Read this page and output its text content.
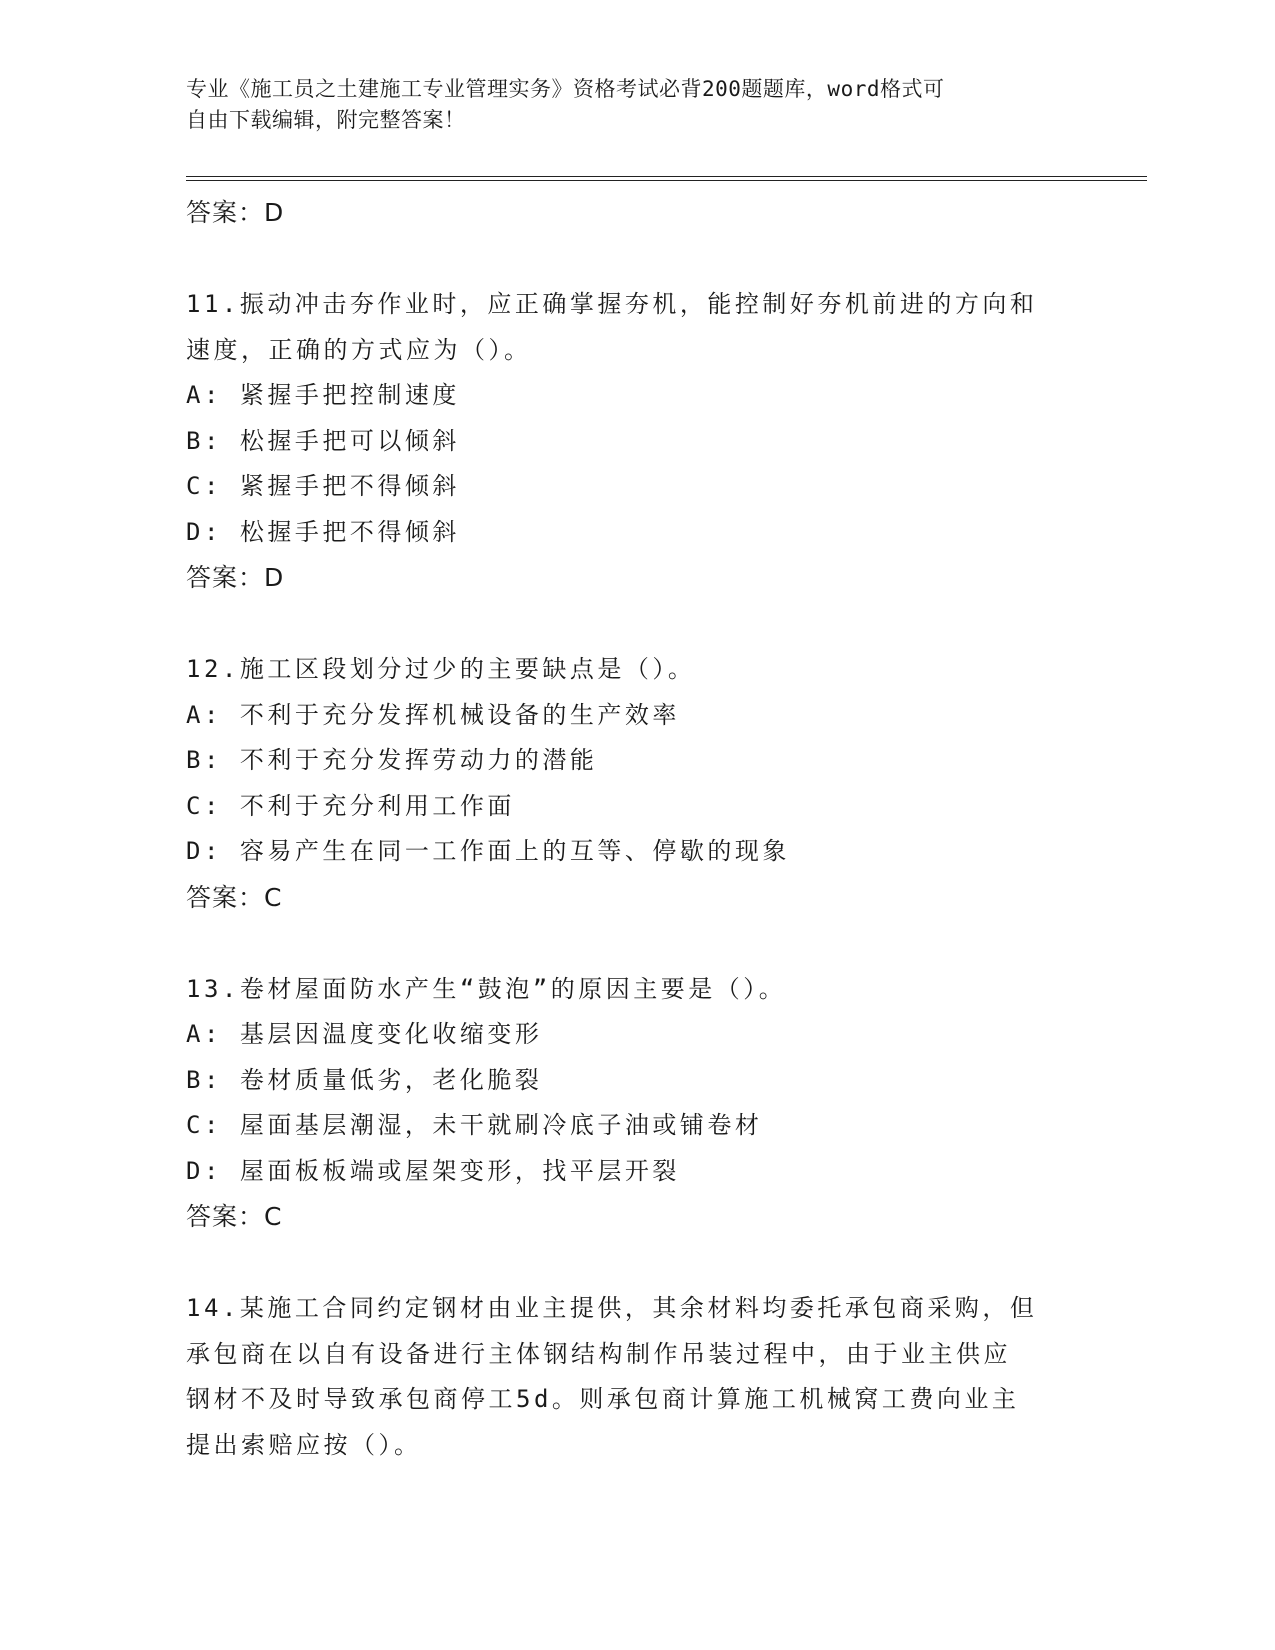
专业《施工员之土建施工专业管理实务》资格考试必背200题题库，word格式可
自由下载编辑，附完整答案！
答案：D
11.振动冲击夯作业时，应正确掌握夯机，能控制好夯机前进的方向和
速度，正确的方式应为（）。
A: 紧握手把控制速度
B: 松握手把可以倾斜
C: 紧握手把不得倾斜
D: 松握手把不得倾斜
答案：D
12.施工区段划分过少的主要缺点是（）。
A: 不利于充分发挥机械设备的生产效率
B: 不利于充分发挥劳动力的潜能
C: 不利于充分利用工作面
D: 容易产生在同一工作面上的互等、停歇的现象
答案：C
13.卷材屋面防水产生“鼓泡”的原因主要是（）。
A: 基层因温度变化收缩变形
B: 卷材质量低劣，老化脆裂
C: 屋面基层潮湿，未干就刷冷底子油或铺卷材
D: 屋面板板端或屋架变形，找平层开裂
答案：C
14.某施工合同约定钢材由业主提供，其余材料均委托承包商采购，但
承包商在以自有设备进行主体钢结构制作吊装过程中，由于业主供应
钢材不及时导致承包商停工5d。则承包商计算施工机械窝工费向业主
提出索赔应按（）。
